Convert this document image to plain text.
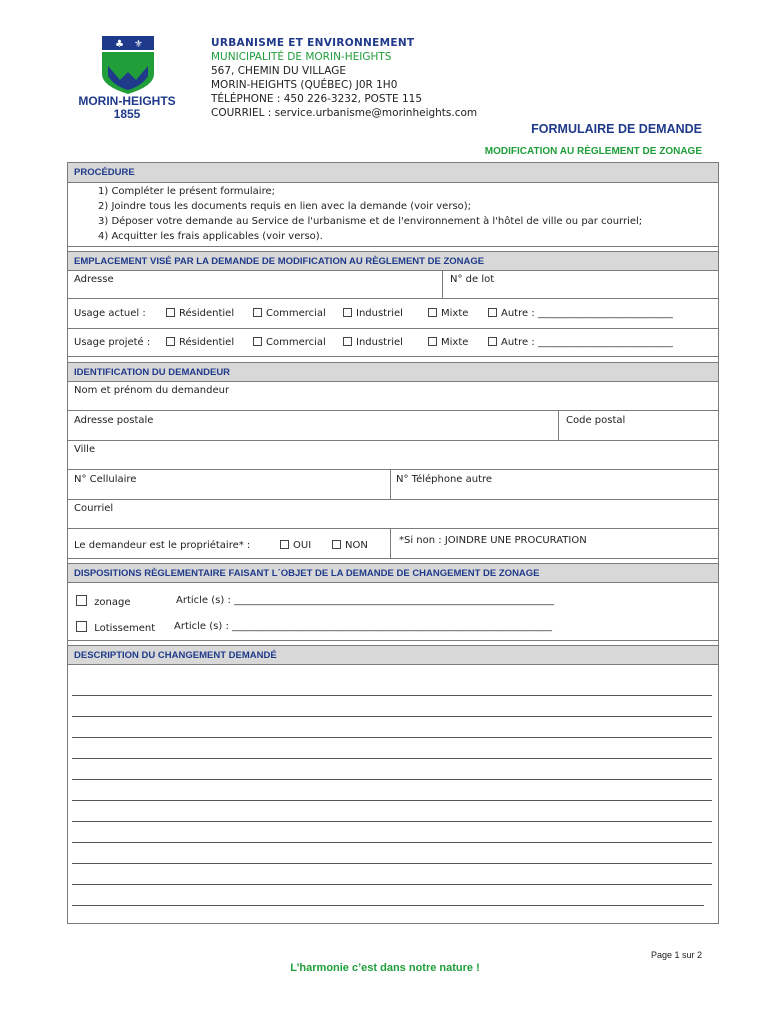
♣ ⚜
MORIN-HEIGHTS
1855
URBANISME ET ENVIRONNEMENT
MUNICIPALITÉ DE MORIN-HEIGHTS
567, CHEMIN DU VILLAGE
MORIN-HEIGHTS (QUÉBEC) J0R 1H0
TÉLÉPHONE : 450 226-3232, POSTE 115
COURRIEL : service.urbanisme@morinheights.com
FORMULAIRE DE DEMANDE
MODIFICATION AU RÈGLEMENT DE ZONAGE
PROCÉDURE
1) Compléter le présent formulaire;
2) Joindre tous les documents requis en lien avec la demande (voir verso);
3) Déposer votre demande au Service de l'urbanisme et de l'environnement à l'hôtel de ville ou par courriel;
4) Acquitter les frais applicables (voir verso).
EMPLACEMENT VISÉ PAR LA DEMANDE DE MODIFICATION AU RÈGLEMENT DE ZONAGE
Adresse	N° de lot
Usage actuel :	Résidentiel	Commercial	Industriel	Mixte	Autre : ___________________________
Usage projeté :	Résidentiel	Commercial	Industriel	Mixte	Autre : ___________________________
IDENTIFICATION DU DEMANDEUR
Nom et prénom du demandeur
Adresse postale	Code postal
Ville
N° Cellulaire	N° Téléphone autre
Courriel
Le demandeur est le propriétaire* :	OUI	NON	*Si non : JOINDRE UNE PROCURATION
DISPOSITIONS RÈGLEMENTAIRE FAISANT L´OBJET DE LA DEMANDE DE CHANGEMENT DE ZONAGE
zonage	Article (s) : ________________________________________________________________
Lotissement Article (s) : ________________________________________________________________
DESCRIPTION DU CHANGEMENT DEMANDÉ
Page 1 sur 2
L’harmonie c’est dans notre nature !
